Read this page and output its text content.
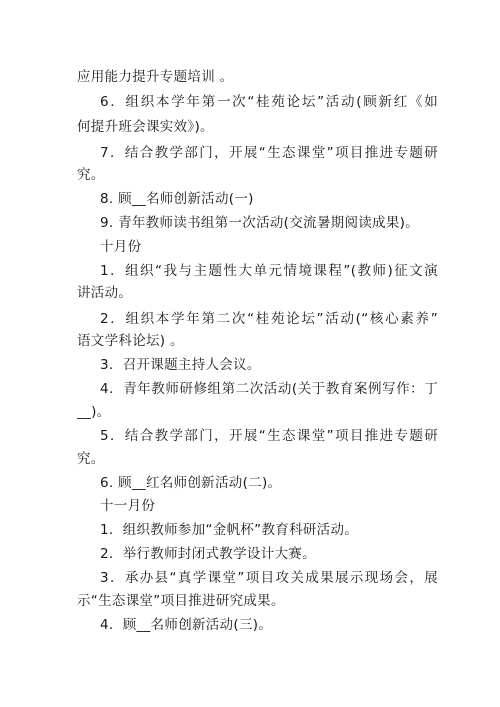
应用能力提升专题培训 。
6．组织本学年第一次“桂苑论坛”活动(顾新红《如
何提升班会课实效》)。
7．结合教学部门，开展“生态课堂”项目推进专题研
究。
8. 顾__名师创新活动(一)
9. 青年教师读书组第一次活动(交流暑期阅读成果)。
十月份
1．组织“我与主题性大单元情境课程”(教师)征文演
讲活动。
2．组织本学年第二次“桂苑论坛”活动(“核心素养”
语文学科论坛) 。
3．召开课题主持人会议。
4．青年教师研修组第二次活动(关于教育案例写作：丁
__)。
5．结合教学部门，开展“生态课堂”项目推进专题研
究。
6. 顾__红名师创新活动(二)。
十一月份
1．组织教师参加“金帆杯”教育科研活动。
2．举行教师封闭式教学设计大赛。
3．承办县“真学课堂”项目攻关成果展示现场会，展
示“生态课堂”项目推进研究成果。
4．顾__名师创新活动(三)。
